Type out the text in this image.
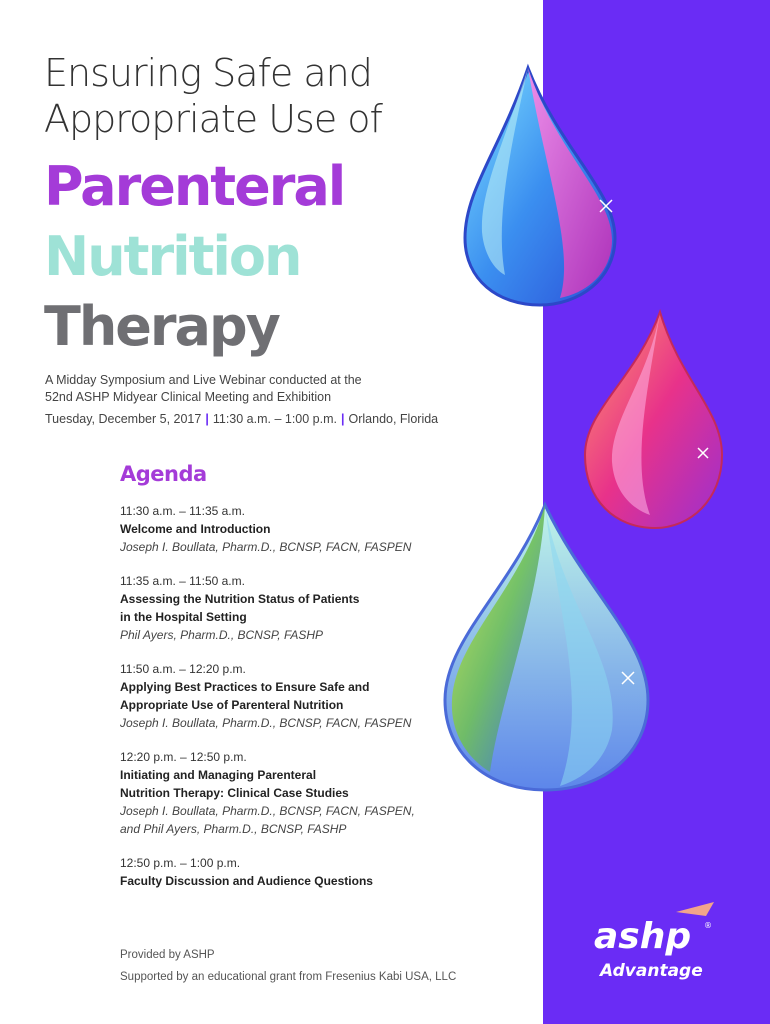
Ensuring Safe and
Appropriate Use of
Parenteral
Nutrition
Therapy
A Midday Symposium and Live Webinar conducted at the
52nd ASHP Midyear Clinical Meeting and Exhibition
Tuesday, December 5, 2017 | 11:30 a.m. – 1:00 p.m. | Orlando, Florida
Agenda
11:30 a.m. – 11:35 a.m.
Welcome and Introduction
Joseph I. Boullata, Pharm.D., BCNSP, FACN, FASPEN
11:35 a.m. – 11:50 a.m.
Assessing the Nutrition Status of Patients
in the Hospital Setting
Phil Ayers, Pharm.D., BCNSP, FASHP
11:50 a.m. – 12:20 p.m.
Applying Best Practices to Ensure Safe and
Appropriate Use of Parenteral Nutrition
Joseph I. Boullata, Pharm.D., BCNSP, FACN, FASPEN
12:20 p.m. – 12:50 p.m.
Initiating and Managing Parenteral
Nutrition Therapy: Clinical Case Studies
Joseph I. Boullata, Pharm.D., BCNSP, FACN, FASPEN,
and Phil Ayers, Pharm.D., BCNSP, FASHP
12:50 p.m. – 1:00 p.m.
Faculty Discussion and Audience Questions
Provided by ASHP
Supported by an educational grant from Fresenius Kabi USA, LLC
ashp ®
Advantage
